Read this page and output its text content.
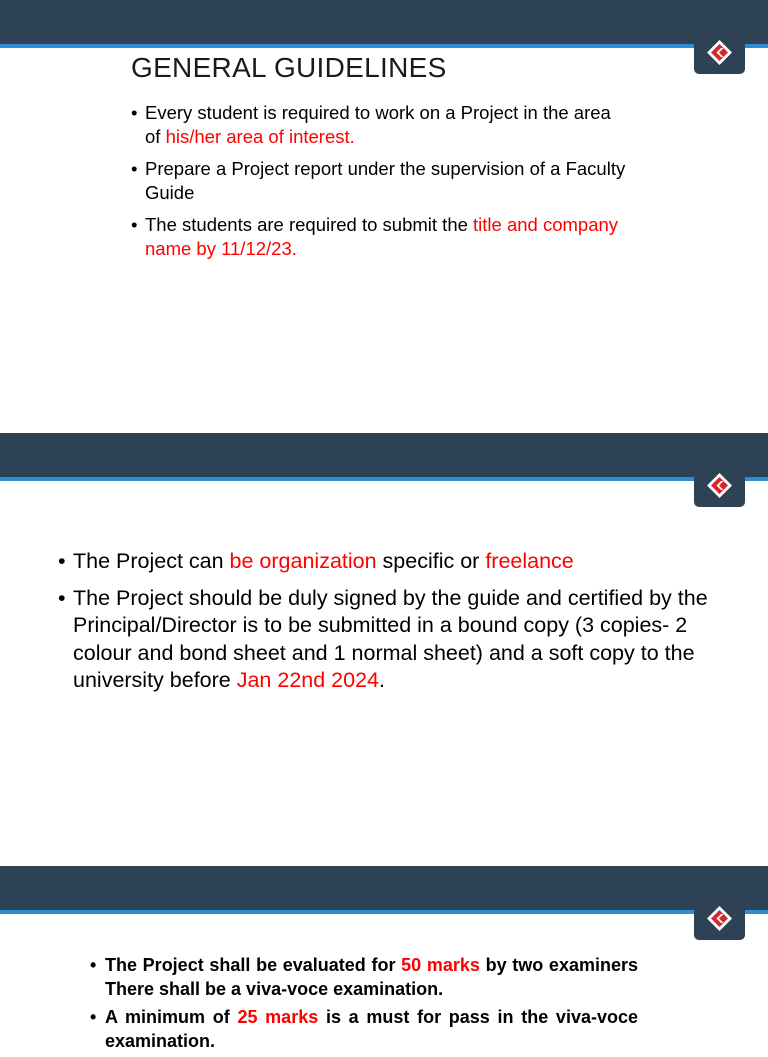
GENERAL GUIDELINES
• Every student is required to work on a Project in the area of his/her area of interest.
• Prepare a Project report under the supervision of a Faculty Guide
• The students are required to submit the title and company name by 11/12/23.
• The Project can be organization specific or freelance
• The Project should be duly signed by the guide and certified by the Principal/Director is to be submitted in a bound copy (3 copies- 2 colour and bond sheet and 1 normal sheet) and a soft copy to the university before Jan 22nd 2024.
• The Project shall be evaluated for 50 marks by two examiners There shall be a viva-voce examination.
• A minimum of 25 marks is a must for pass in the viva-voce examination.
